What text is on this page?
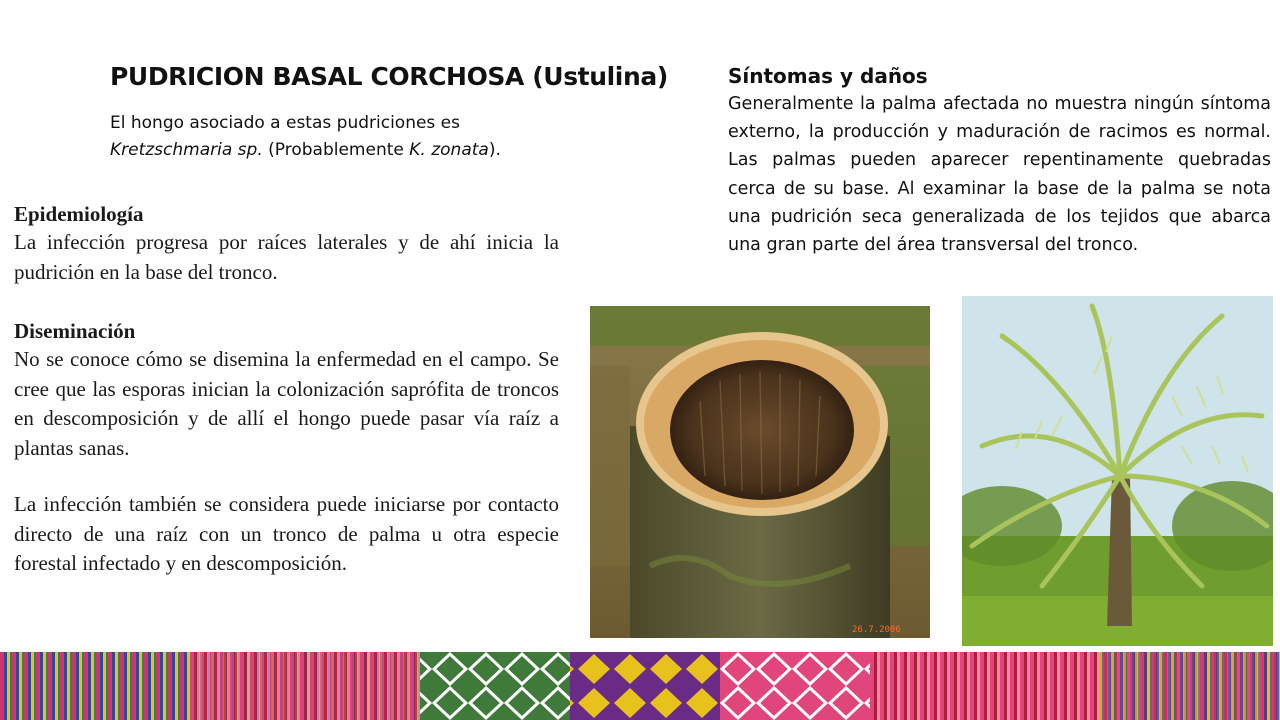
PUDRICION BASAL CORCHOSA (Ustulina)
El hongo asociado a estas pudriciones es
Kretzschmaria sp. (Probablemente K. zonata).
Síntomas y daños

Generalmente la palma afectada no muestra ningún síntoma externo, la producción y maduración de racimos es normal. Las palmas pueden aparecer repentinamente quebradas cerca de su base. Al examinar la base de la palma se nota una pudrición seca generalizada de los tejidos que abarca una gran parte del área transversal del tronco.

Epidemiología

La infección progresa por raíces laterales y de ahí inicia la pudrición en la base del tronco.

Diseminación

No se conoce cómo se disemina la enfermedad en el campo. Se cree que las esporas inician la colonización saprófita de troncos en descomposición y de allí el hongo puede pasar vía raíz a plantas sanas.

La infección también se considera puede iniciarse por contacto directo de una raíz con un tronco de palma u otra especie forestal infectado y en descomposición.

26.7.2006
